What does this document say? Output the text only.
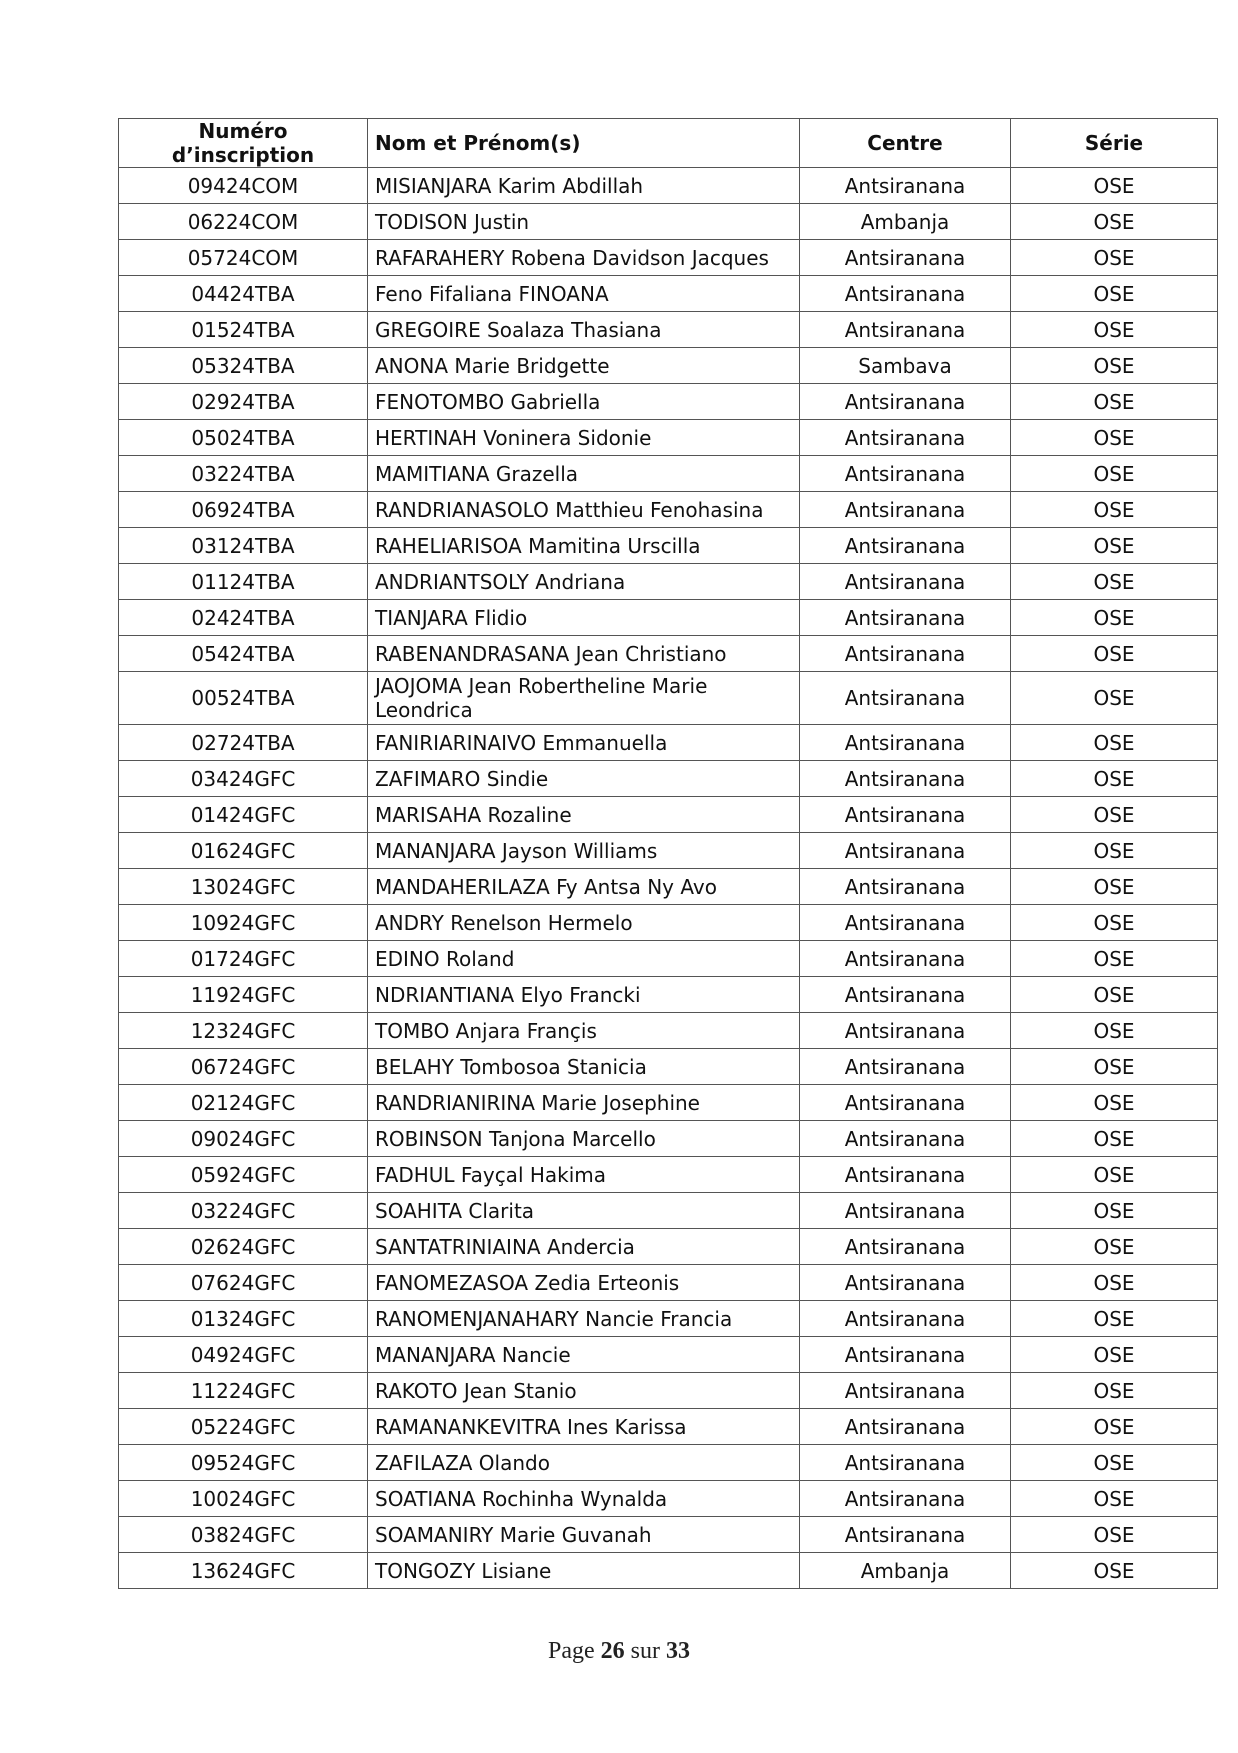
Numéro d’inscription	Nom et Prénom(s)	Centre	Série
09424COM	MISIANJARA Karim Abdillah	Antsiranana	OSE
06224COM	TODISON Justin	Ambanja	OSE
05724COM	RAFARAHERY Robena Davidson Jacques	Antsiranana	OSE
04424TBA	Feno Fifaliana FINOANA	Antsiranana	OSE
01524TBA	GREGOIRE Soalaza Thasiana	Antsiranana	OSE
05324TBA	ANONA Marie Bridgette	Sambava	OSE
02924TBA	FENOTOMBO Gabriella	Antsiranana	OSE
05024TBA	HERTINAH Voninera Sidonie	Antsiranana	OSE
03224TBA	MAMITIANA Grazella	Antsiranana	OSE
06924TBA	RANDRIANASOLO Matthieu Fenohasina	Antsiranana	OSE
03124TBA	RAHELIARISOA Mamitina Urscilla	Antsiranana	OSE
01124TBA	ANDRIANTSOLY Andriana	Antsiranana	OSE
02424TBA	TIANJARA Flidio	Antsiranana	OSE
05424TBA	RABENANDRASANA Jean Christiano	Antsiranana	OSE
00524TBA	JAOJOMA Jean Robertheline Marie Leondrica	Antsiranana	OSE
02724TBA	FANIRIARINAIVO Emmanuella	Antsiranana	OSE
03424GFC	ZAFIMARO Sindie	Antsiranana	OSE
01424GFC	MARISAHA Rozaline	Antsiranana	OSE
01624GFC	MANANJARA Jayson Williams	Antsiranana	OSE
13024GFC	MANDAHERILAZA Fy Antsa Ny Avo	Antsiranana	OSE
10924GFC	ANDRY Renelson Hermelo	Antsiranana	OSE
01724GFC	EDINO Roland	Antsiranana	OSE
11924GFC	NDRIANTIANA Elyo Francki	Antsiranana	OSE
12324GFC	TOMBO Anjara Françis	Antsiranana	OSE
06724GFC	BELAHY Tombosoa Stanicia	Antsiranana	OSE
02124GFC	RANDRIANIRINA Marie Josephine	Antsiranana	OSE
09024GFC	ROBINSON Tanjona Marcello	Antsiranana	OSE
05924GFC	FADHUL Fayçal Hakima	Antsiranana	OSE
03224GFC	SOAHITA Clarita	Antsiranana	OSE
02624GFC	SANTATRINIAINA Andercia	Antsiranana	OSE
07624GFC	FANOMEZASOA Zedia Erteonis	Antsiranana	OSE
01324GFC	RANOMENJANAHARY Nancie Francia	Antsiranana	OSE
04924GFC	MANANJARA Nancie	Antsiranana	OSE
11224GFC	RAKOTO Jean Stanio	Antsiranana	OSE
05224GFC	RAMANANKEVITRA Ines Karissa	Antsiranana	OSE
09524GFC	ZAFILAZA Olando	Antsiranana	OSE
10024GFC	SOATIANA Rochinha Wynalda	Antsiranana	OSE
03824GFC	SOAMANIRY Marie Guvanah	Antsiranana	OSE
13624GFC	TONGOZY Lisiane	Ambanja	OSE
Page 26 sur 33
